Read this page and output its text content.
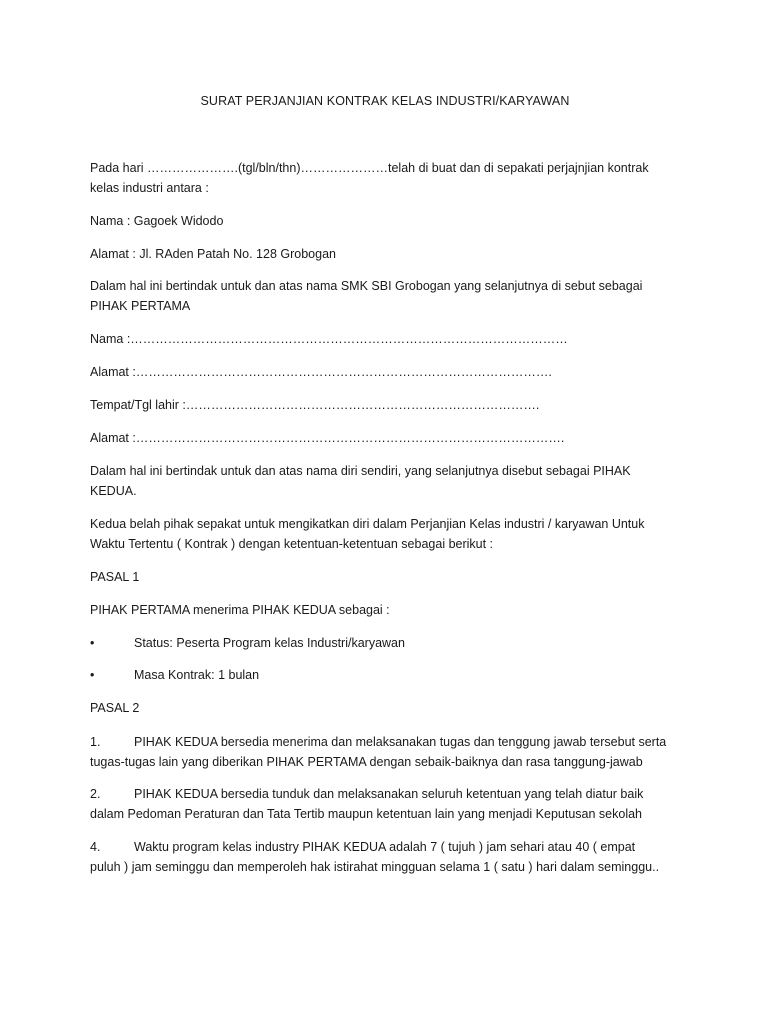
SURAT PERJANJIAN KONTRAK KELAS INDUSTRI/KARYAWAN
Pada hari ………………….(tgl/bln/thn)…………………telah di buat dan di sepakati perjajnjian kontrak kelas industri antara :
Nama : Gagoek Widodo
Alamat : Jl. RAden Patah No. 128 Grobogan
Dalam hal ini bertindak untuk dan atas nama SMK SBI Grobogan yang selanjutnya di sebut sebagai PIHAK PERTAMA
Nama :……………………………………………………………………………………………
Alamat :……………………………………………………………………………………….
Tempat/Tgl lahir :………………………………………………………………………….
Alamat :………………………………………………………………………………………….
Dalam hal ini bertindak untuk dan atas nama diri sendiri, yang selanjutnya disebut sebagai PIHAK KEDUA.
Kedua belah pihak sepakat untuk mengikatkan diri dalam Perjanjian Kelas industri / karyawan Untuk Waktu Tertentu ( Kontrak ) dengan ketentuan-ketentuan sebagai berikut :
PASAL 1
PIHAK PERTAMA menerima PIHAK KEDUA sebagai :
•	Status: Peserta Program kelas Industri/karyawan
•	Masa Kontrak: 1 bulan
PASAL 2
1.	PIHAK KEDUA bersedia menerima dan melaksanakan tugas dan tenggung jawab tersebut serta
tugas-tugas lain yang diberikan PIHAK PERTAMA dengan sebaik-baiknya dan rasa tanggung-jawab
2.	PIHAK KEDUA bersedia tunduk dan melaksanakan seluruh ketentuan yang telah diatur baik
dalam Pedoman Peraturan dan Tata Tertib maupun ketentuan lain yang menjadi Keputusan sekolah
4.	Waktu program kelas industry PIHAK KEDUA adalah 7 ( tujuh ) jam sehari atau 40 ( empat
puluh ) jam seminggu dan memperoleh hak istirahat mingguan selama 1 ( satu ) hari dalam seminggu..
